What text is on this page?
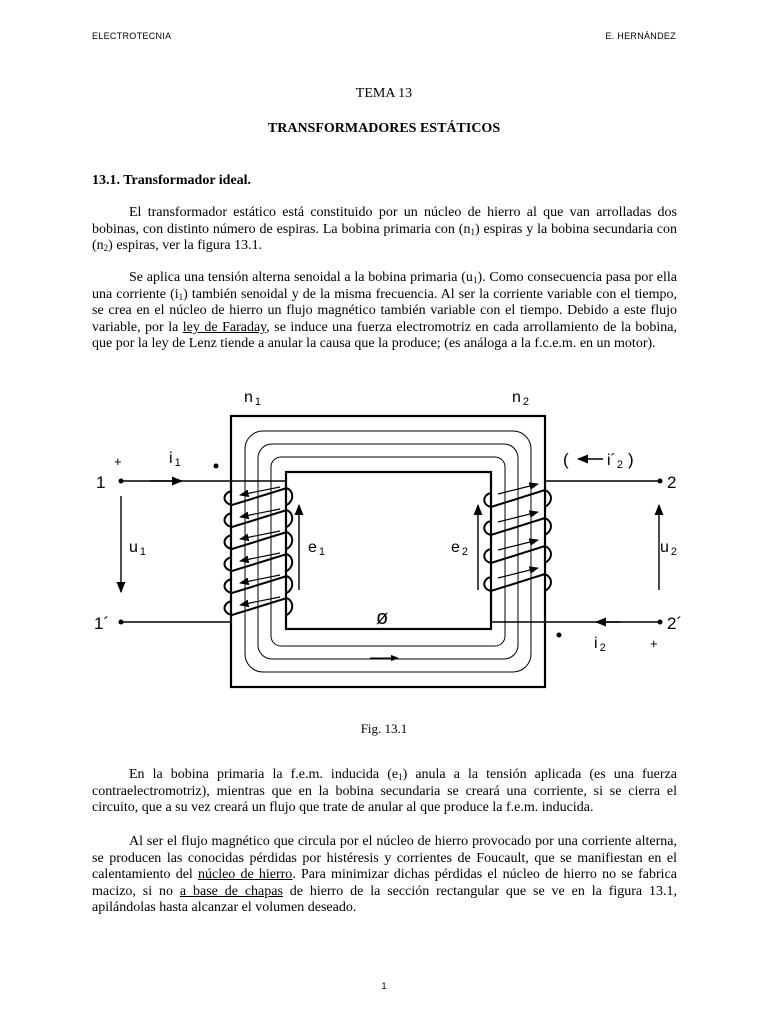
ELECTROTECNIA	E. HERNÁNDEZ
TEMA 13
TRANSFORMADORES ESTÁTICOS
13.1. Transformador ideal.

El transformador estático está constituido por un núcleo de hierro al que van arrolladas dos bobinas, con distinto número de espiras. La bobina primaria con $(n_1)$ espiras y la bobina secundaria con $(n_2)$ espiras, ver la figura 13.1.

Se aplica una tensión alterna senoidal a la bobina primaria $(u_1)$. Como consecuencia pasa por ella una corriente $(i_1)$ también senoidal y de la misma frecuencia. Al ser la corriente variable con el tiempo, se crea en el núcleo de hierro un flujo magnético también variable con el tiempo. Debido a este flujo variable, por la ley de Faraday, se induce una fuerza electromotriz en cada arrollamiento de la bobina, que por la ley de Lenz tiende a anular la causa que la produce; (es análoga a la f.c.e.m. en un motor).

n 1	n 2
+	i 1
1
1´
u 1	e 1	e 2
ø
( i´2 )
2
2´
u 2
i 2	+
Fig. 13.1

En la bobina primaria la f.e.m. inducida $(e_1)$ anula a la tensión aplicada (es una fuerza contraelectromotriz), mientras que en la bobina secundaria se creará una corriente, si se cierra el circuito, que a su vez creará un flujo que trate de anular al que produce la f.e.m. inducida.

Al ser el flujo magnético que circula por el núcleo de hierro provocado por una corriente alterna, se producen las conocidas pérdidas por histéresis y corrientes de Foucault, que se manifiestan en el calentamiento del núcleo de hierro. Para minimizar dichas pérdidas el núcleo de hierro no se fabrica macizo, si no a base de chapas de hierro de la sección rectangular que se ve en la figura 13.1, apilándolas hasta alcanzar el volumen deseado.

1
